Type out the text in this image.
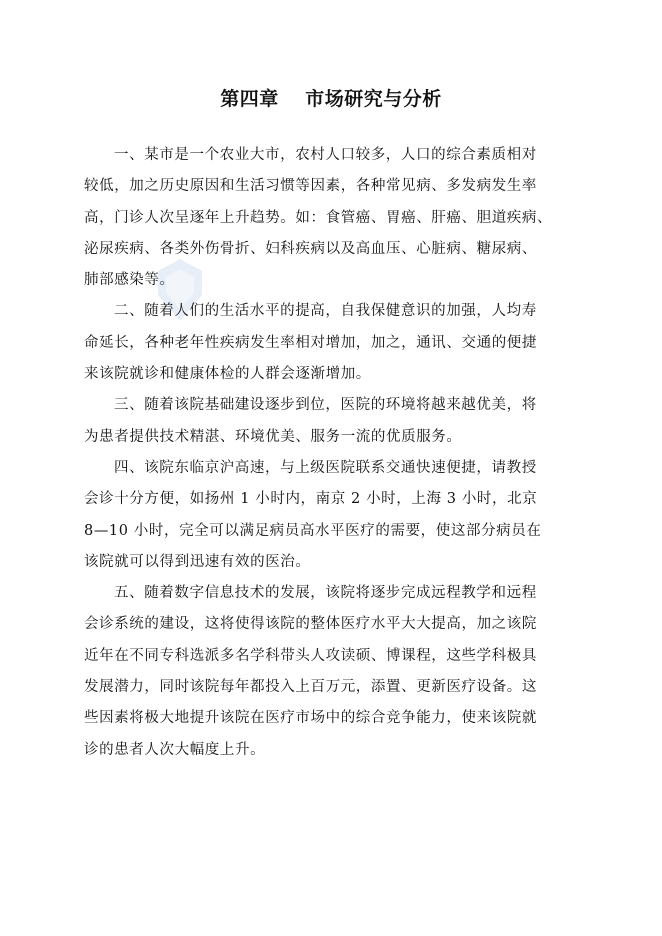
第四章　 市场研究与分析
一、某市是一个农业大市，农村人口较多，人口的综合素质相对
较低，加之历史原因和生活习惯等因素，各种常见病、多发病发生率
高，门诊人次呈逐年上升趋势。如：食管癌、胃癌、肝癌、胆道疾病、
泌尿疾病、各类外伤骨折、妇科疾病以及高血压、心脏病、糖尿病、
肺部感染等。
二、随着人们的生活水平的提高，自我保健意识的加强，人均寿
命延长，各种老年性疾病发生率相对增加，加之，通讯、交通的便捷
来该院就诊和健康体检的人群会逐渐增加。
三、随着该院基础建设逐步到位，医院的环境将越来越优美，将
为患者提供技术精湛、环境优美、服务一流的优质服务。
四、该院东临京沪高速，与上级医院联系交通快速便捷，请教授
会诊十分方便，如扬州 1 小时内，南京 2 小时，上海 3 小时，北京
8—10 小时，完全可以满足病员高水平医疗的需要，使这部分病员在
该院就可以得到迅速有效的医治。
五、随着数字信息技术的发展，该院将逐步完成远程教学和远程
会诊系统的建设，这将使得该院的整体医疗水平大大提高，加之该院
近年在不同专科选派多名学科带头人攻读硕、博课程，这些学科极具
发展潜力，同时该院每年都投入上百万元，添置、更新医疗设备。这
些因素将极大地提升该院在医疗市场中的综合竞争能力，使来该院就
诊的患者人次大幅度上升。
